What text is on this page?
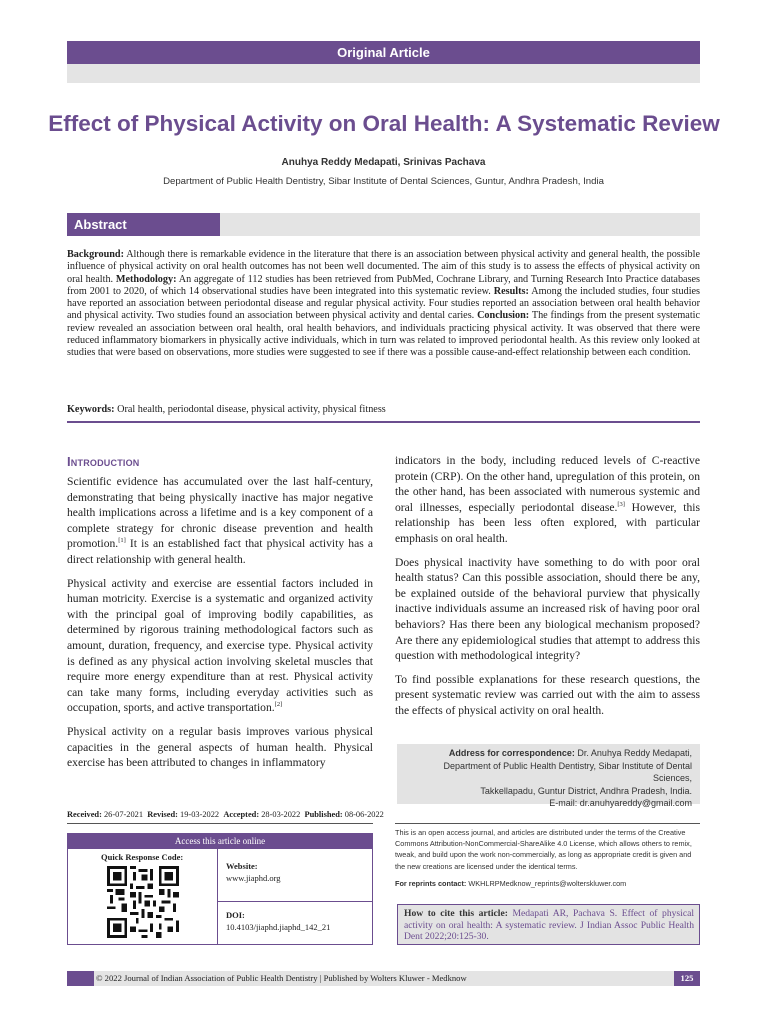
Original Article
Effect of Physical Activity on Oral Health: A Systematic Review
Anuhya Reddy Medapati, Srinivas Pachava
Department of Public Health Dentistry, Sibar Institute of Dental Sciences, Guntur, Andhra Pradesh, India
Abstract

Background: Although there is remarkable evidence in the literature that there is an association between physical activity and general health, the possible influence of physical activity on oral health outcomes has not been well documented. The aim of this study is to assess the effects of physical activity on oral health. Methodology: An aggregate of 112 studies has been retrieved from PubMed, Cochrane Library, and Turning Research Into Practice databases from 2001 to 2020, of which 14 observational studies have been integrated into this systematic review. Results: Among the included studies, four studies have reported an association between periodontal disease and regular physical activity. Four studies reported an association between oral health behavior and physical activity. Two studies found an association between physical activity and dental caries. Conclusion: The findings from the present systematic review revealed an association between oral health, oral health behaviors, and individuals practicing physical activity. It was observed that there were reduced inflammatory biomarkers in physically active individuals, which in turn was related to improved periodontal health. As this review only looked at studies that were based on observations, more studies were suggested to see if there was a possible cause-and-effect relationship between each condition.

Keywords: Oral health, periodontal disease, physical activity, physical fitness
Introduction

Scientific evidence has accumulated over the last half-century, demonstrating that being physically inactive has major negative health implications across a lifetime and is a key component of a complete strategy for chronic disease prevention and health promotion.[1] It is an established fact that physical activity has a direct relationship with general health.

Physical activity and exercise are essential factors included in human motricity. Exercise is a systematic and organized activity with the principal goal of improving bodily capabilities, as determined by rigorous training methodological factors such as amount, duration, frequency, and exercise type. Physical activity is defined as any physical action involving skeletal muscles that require more energy expenditure than at rest. Physical activity can take many forms, including everyday activities such as occupation, sports, and active transportation.[2]

Physical activity on a regular basis improves various physical capacities in the general aspects of human health. Physical exercise has been attributed to changes in inflammatory

indicators in the body, including reduced levels of C-reactive protein (CRP). On the other hand, upregulation of this protein, on the other hand, has been associated with numerous systemic and oral illnesses, especially periodontal disease.[3] However, this relationship has been less often explored, with particular emphasis on oral health.

Does physical inactivity have something to do with poor oral health status? Can this possible association, should there be any, be explained outside of the behavioral purview that physically inactive individuals assume an increased risk of having poor oral behaviors? Has there been any biological mechanism proposed? Are there any epidemiological studies that attempt to address this question with methodological integrity?

To find possible explanations for these research questions, the present systematic review was carried out with the aim to assess the effects of physical activity on oral health.

Address for correspondence: Dr. Anuhya Reddy Medapati,
Department of Public Health Dentistry, Sibar Institute of Dental Sciences,
Takkellapadu, Guntur District, Andhra Pradesh, India.
E-mail: dr.anuhyareddy@gmail.com
Received: 26-07-2021 Revised: 19-03-2022 Accepted: 28-03-2022 Published: 08-06-2022
Access this article online
Quick Response Code:
Website:
www.jiaphd.org
DOI:
10.4103/jiaphd.jiaphd_142_21
This is an open access journal, and articles are distributed under the terms of the Creative Commons Attribution-NonCommercial-ShareAlike 4.0 License, which allows others to remix, tweak, and build upon the work non-commercially, as long as appropriate credit is given and the new creations are licensed under the identical terms.
For reprints contact: WKHLRPMedknow_reprints@wolterskluwer.com

How to cite this article: Medapati AR, Pachava S. Effect of physical activity on oral health: A systematic review. J Indian Assoc Public Health Dent 2022;20:125-30.

© 2022 Journal of Indian Association of Public Health Dentistry | Published by Wolters Kluwer - Medknow	125
